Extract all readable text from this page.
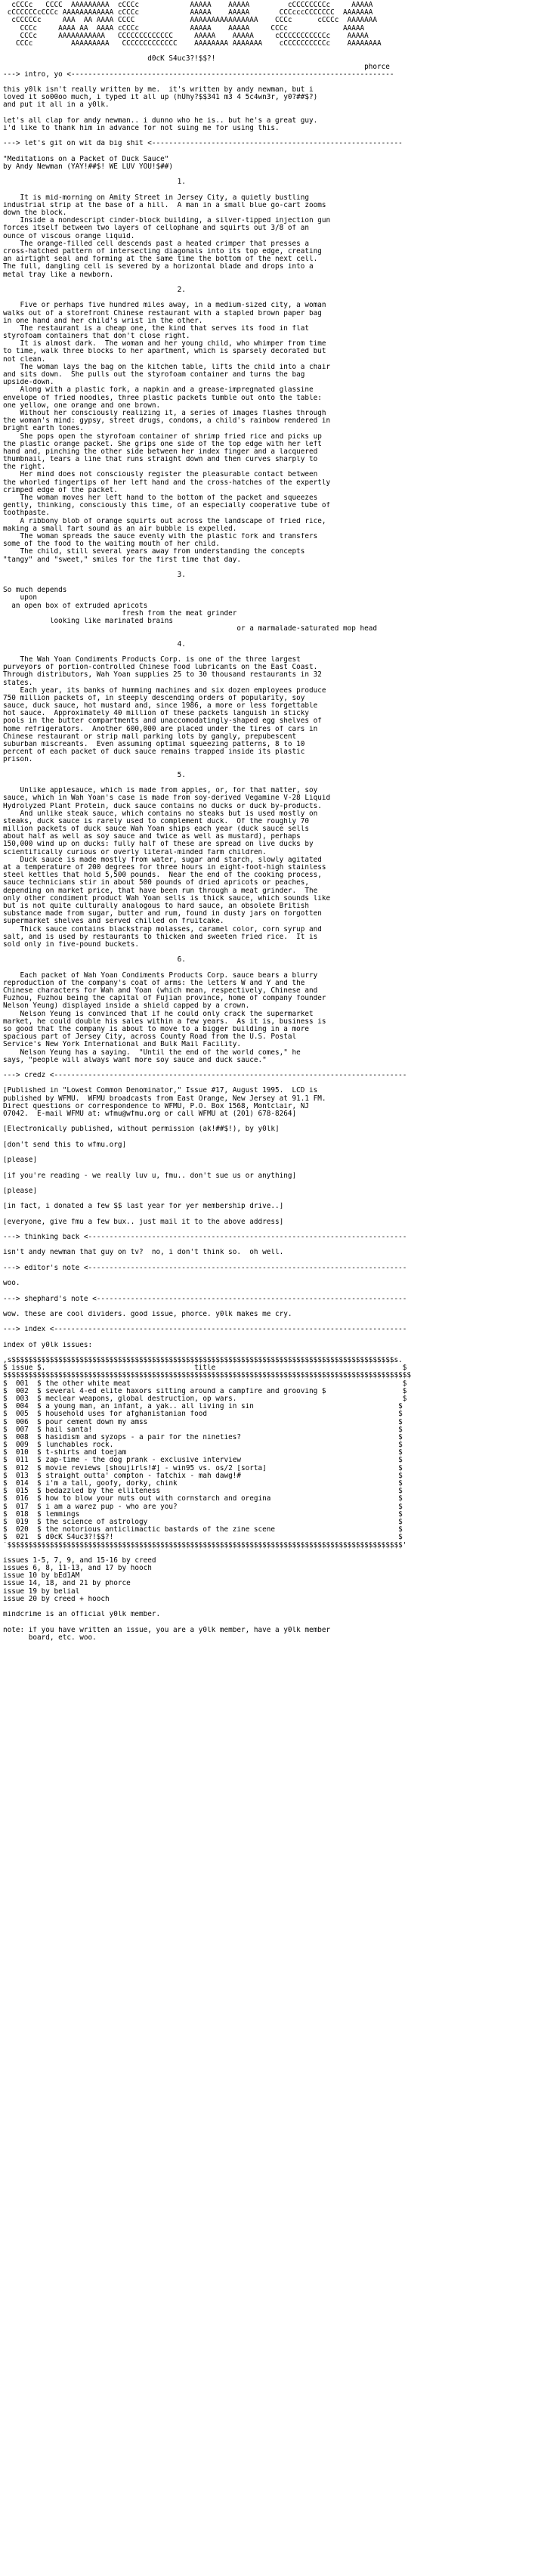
cCCCc   CCCC  AAAAAAAAA  cCCCc            AAAAA    AAAAA         cCCCCCCCCc     AAAAA
cCCCCCCcCCCc AAAAAAAAAAAA cCCCc            AAAAA    AAAAA       CCCcccCCCCCCC  AAAAAAA
cCCCCCc     AAA  AA AAAA CCCC             AAAAAAAAAAAAAAAA    CCCc      cCCCc  AAAAAAA
CCCc     AAAA AA  AAAA cCCCc            AAAAA    AAAAA     CCCc             AAAAA
CCCc     AAAAAAAAAAA   CCCCCCCCCCCCC     AAAAA    AAAAA     cCCCCCCCCCCCc    AAAAA
CCCc         AAAAAAAAA   CCCCCCCCCCCCC    AAAAAAAA AAAAAAA    cCCCCCCCCCCc    AAAAAAAA
d0cK S4uc3?!$$?!
phorce
---> intro, yo <----------------------------------------------------------------------------
this y0lk isn't really written by me.  it's written by andy newman, but i
loved it so00oo much, i typed it all up (hUhy?$$341 m3 4 5c4wn3r, y0?##$?)
and put it all in a y0lk.
let's all clap for andy newman.. i dunno who he is.. but he's a great guy.
i'd like to thank him in advance for not suing me for using this.
---> let's git on wit da big shit <-----------------------------------------------------------
"Meditations on a Packet of Duck Sauce"
by Andy Newman (YAY!##$! WE LUV YOU!$##)
1.
It is mid-morning on Amity Street in Jersey City, a quietly bustling
industrial strip at the base of a hill.  A man in a small blue go-cart zooms
down the block.
Inside a nondescript cinder-block building, a silver-tipped injection gun
forces itself between two layers of cellophane and squirts out 3/8 of an
ounce of viscous orange liquid.
The orange-filled cell descends past a heated crimper that presses a
cross-hatched pattern of intersecting diagonals into its top edge, creating
an airtight seal and forming at the same time the bottom of the next cell.
The full, dangling cell is severed by a horizontal blade and drops into a
metal tray like a newborn.
2.
Five or perhaps five hundred miles away, in a medium-sized city, a woman
walks out of a storefront Chinese restaurant with a stapled brown paper bag
in one hand and her child's wrist in the other.
The restaurant is a cheap one, the kind that serves its food in flat
styrofoam containers that don't close right.
It is almost dark.  The woman and her young child, who whimper from time
to time, walk three blocks to her apartment, which is sparsely decorated but
not clean.
The woman lays the bag on the kitchen table, lifts the child into a chair
and sits down.  She pulls out the styrofoam container and turns the bag
upside-down.
Along with a plastic fork, a napkin and a grease-impregnated glassine
envelope of fried noodles, three plastic packets tumble out onto the table:
one yellow, one orange and one brown.
Without her consciously realizing it, a series of images flashes through
the woman's mind: gypsy, street drugs, condoms, a child's rainbow rendered in
bright earth tones.
She pops open the styrofoam container of shrimp fried rice and picks up
the plastic orange packet. She grips one side of the top edge with her left
hand and, pinching the other side between her index finger and a lacquered
thumbnail, tears a line that runs straight down and then curves sharply to
the right.
Her mind does not consciously register the pleasurable contact between
the whorled fingertips of her left hand and the cross-hatches of the expertly
crimped edge of the packet.
The woman moves her left hand to the bottom of the packet and squeezes
gently, thinking, consciously this time, of an especially cooperative tube of
toothpaste.
A ribbony blob of orange squirts out across the landscape of fried rice,
making a small fart sound as an air bubble is expelled.
The woman spreads the sauce evenly with the plastic fork and transfers
some of the food to the waiting mouth of her child.
The child, still several years away from understanding the concepts
"tangy" and "sweet," smiles for the first time that day.
3.
So much depends
upon
an open box of extruded apricots
fresh from the meat grinder
looking like marinated brains
or a marmalade-saturated mop head
4.
The Wah Yoan Condiments Products Corp. is one of the three largest
purveyors of portion-controlled Chinese food lubricants on the East Coast.
Through distributors, Wah Yoan supplies 25 to 30 thousand restaurants in 32
states.
Each year, its banks of humming machines and six dozen employees produce
750 million packets of, in steeply descending orders of popularity, soy
sauce, duck sauce, hot mustard and, since 1986, a more or less forgettable
hot sauce.  Approximately 40 million of these packets languish in sticky
pools in the butter compartments and unaccomodatingly-shaped egg shelves of
home refrigerators.  Another 600,000 are placed under the tires of cars in
Chinese restaurant or strip mall parking lots by gangly, prepubescent
suburban miscreants.  Even assuming optimal squeezing patterns, 8 to 10
percent of each packet of duck sauce remains trapped inside its plastic
prison.
5.
Unlike applesauce, which is made from apples, or, for that matter, soy
sauce, which in Wah Yoan's case is made from soy-derived Vegamine V-28 Liquid
Hydrolyzed Plant Protein, duck sauce contains no ducks or duck by-products.
And unlike steak sauce, which contains no steaks but is used mostly on
steaks, duck sauce is rarely used to complement duck.  Of the roughly 70
million packets of duck sauce Wah Yoan ships each year (duck sauce sells
about half as well as soy sauce and twice as well as mustard), perhaps
150,000 wind up on ducks: fully half of these are spread on live ducks by
scientifically curious or overly literal-minded farm children.
Duck sauce is made mostly from water, sugar and starch, slowly agitated
at a temperature of 200 degrees for three hours in eight-foot-high stainless
steel kettles that hold 5,500 pounds.  Near the end of the cooking process,
sauce technicians stir in about 500 pounds of dried apricots or peaches,
depending on market price, that have been run through a meat grinder.  The
only other condiment product Wah Yoan sells is thick sauce, which sounds like
but is not quite culturally analogous to hard sauce, an obsolete British
substance made from sugar, butter and rum, found in dusty jars on forgotten
supermarket shelves and served chilled on fruitcake.
Thick sauce contains blackstrap molasses, caramel color, corn syrup and
salt, and is used by restaurants to thicken and sweeten fried rice.  It is
sold only in five-pound buckets.
6.
Each packet of Wah Yoan Condiments Products Corp. sauce bears a blurry
reproduction of the company's coat of arms: the letters W and Y and the
Chinese characters for Wah and Yoan (which mean, respectively, Chinese and
Fuzhou, Fuzhou being the capital of Fujian province, home of company founder
Nelson Yeung) displayed inside a shield capped by a crown.
Nelson Yeung is convinced that if he could only crack the supermarket
market, he could double his sales within a few years.  As it is, business is
so good that the company is about to move to a bigger building in a more
spacious part of Jersey City, across County Road from the U.S. Postal
Service's New York International and Bulk Mail Facility.
Nelson Yeung has a saying.  "Until the end of the world comes," he
says, "people will always want more soy sauce and duck sauce."
---> credz <-----------------------------------------------------------------------------------
[Published in "Lowest Common Denominator," Issue #17, August 1995.  LCD is
published by WFMU.  WFMU broadcasts from East Orange, New Jersey at 91.1 FM.
Direct questions or correspondence to WFMU, P.O. Box 1568, Montclair, NJ
07042.  E-mail WFMU at: wfmu@wfmu.org or call WFMU at (201) 678-8264]
[Electronically published, without permission (ak!##$!), by y0lk]
[don't send this to wfmu.org]
[please]
[if you're reading - we really luv u, fmu.. don't sue us or anything]
[please]
[in fact, i donated a few $$ last year for yer membership drive..]
[everyone, give fmu a few bux.. just mail it to the above address]
---> thinking back <---------------------------------------------------------------------------
isn't andy newman that guy on tv?  no, i don't think so.  oh well.
---> editor's note <---------------------------------------------------------------------------
woo.
---> shephard's note <-------------------------------------------------------------------------
wow. these are cool dividers. good issue, phorce. y0lk makes me cry.
---> index <-----------------------------------------------------------------------------------
index of y0lk issues:
,s$$$$$$$$$$$$$$$$$$$$$$$$$$$$$$$$$$$$$$$$$$$$$$$$$$$$$$$$$$$$$$$$$$$$$$$$$$$$$$$$$$$$$$$$$$s.
$ issue $.                                   title                                            $
$$$$$$$$$$$$$$$$$$$$$$$$$$$$$$$$$$$$$$$$$$$$$$$$$$$$$$$$$$$$$$$$$$$$$$$$$$$$$$$$$$$$$$$$$$$$$$$$
$  001  $ the other white meat                                                                $
$  002  $ several 4-ed elite haxors sitting around a campfire and grooving $                  $
$  003  $ meclear weapons, global destruction, op wars.                                       $
$  004  $ a young man, an infant, a yak.. all living in sin                                  $
$  005  $ household uses for afghanistanian food                                             $
$  006  $ pour cement down my amss                                                           $
$  007  $ hail santa!                                                                        $
$  008  $ hasidism and syzops - a pair for the nineties?                                     $
$  009  $ lunchables rock.                                                                   $
$  010  $ t-shirts and toejam                                                                $
$  011  $ zap-time - the dog prank - exclusive interview                                     $
$  012  $ movie reviews [shoujirls!#] - win95 vs. os/2 [sorta]                               $
$  013  $ straight outta' compton - fatchix - mah dawg!#                                     $
$  014  $ i'm a tall, goofy, dorky, chink                                                    $
$  015  $ bedazzled by the elliteness                                                        $
$  016  $ how to blow your nuts out with cornstarch and oregina                              $
$  017  $ i am a warez pup - who are you?                                                    $
$  018  $ lemmings                                                                           $
$  019  $ the science of astrology                                                           $
$  020  $ the notorious anticlimactic bastards of the zine scene                             $
$  021  $ d0cK S4uc3?!$$?!                                                                   $
`$$$$$$$$$$$$$$$$$$$$$$$$$$$$$$$$$$$$$$$$$$$$$$$$$$$$$$$$$$$$$$$$$$$$$$$$$$$$$$$$$$$$$$$$$$$$$'
issues 1-5, 7, 9, and 15-16 by creed
issues 6, 8, 11-13, and 17 by hooch
issue 10 by bEd1AM
issue 14, 18, and 21 by phorce
issue 19 by belial
issue 20 by creed + hooch
mindcrime is an official y0lk member.
note: if you have written an issue, you are a y0lk member, have a y0lk member
board, etc. woo.
